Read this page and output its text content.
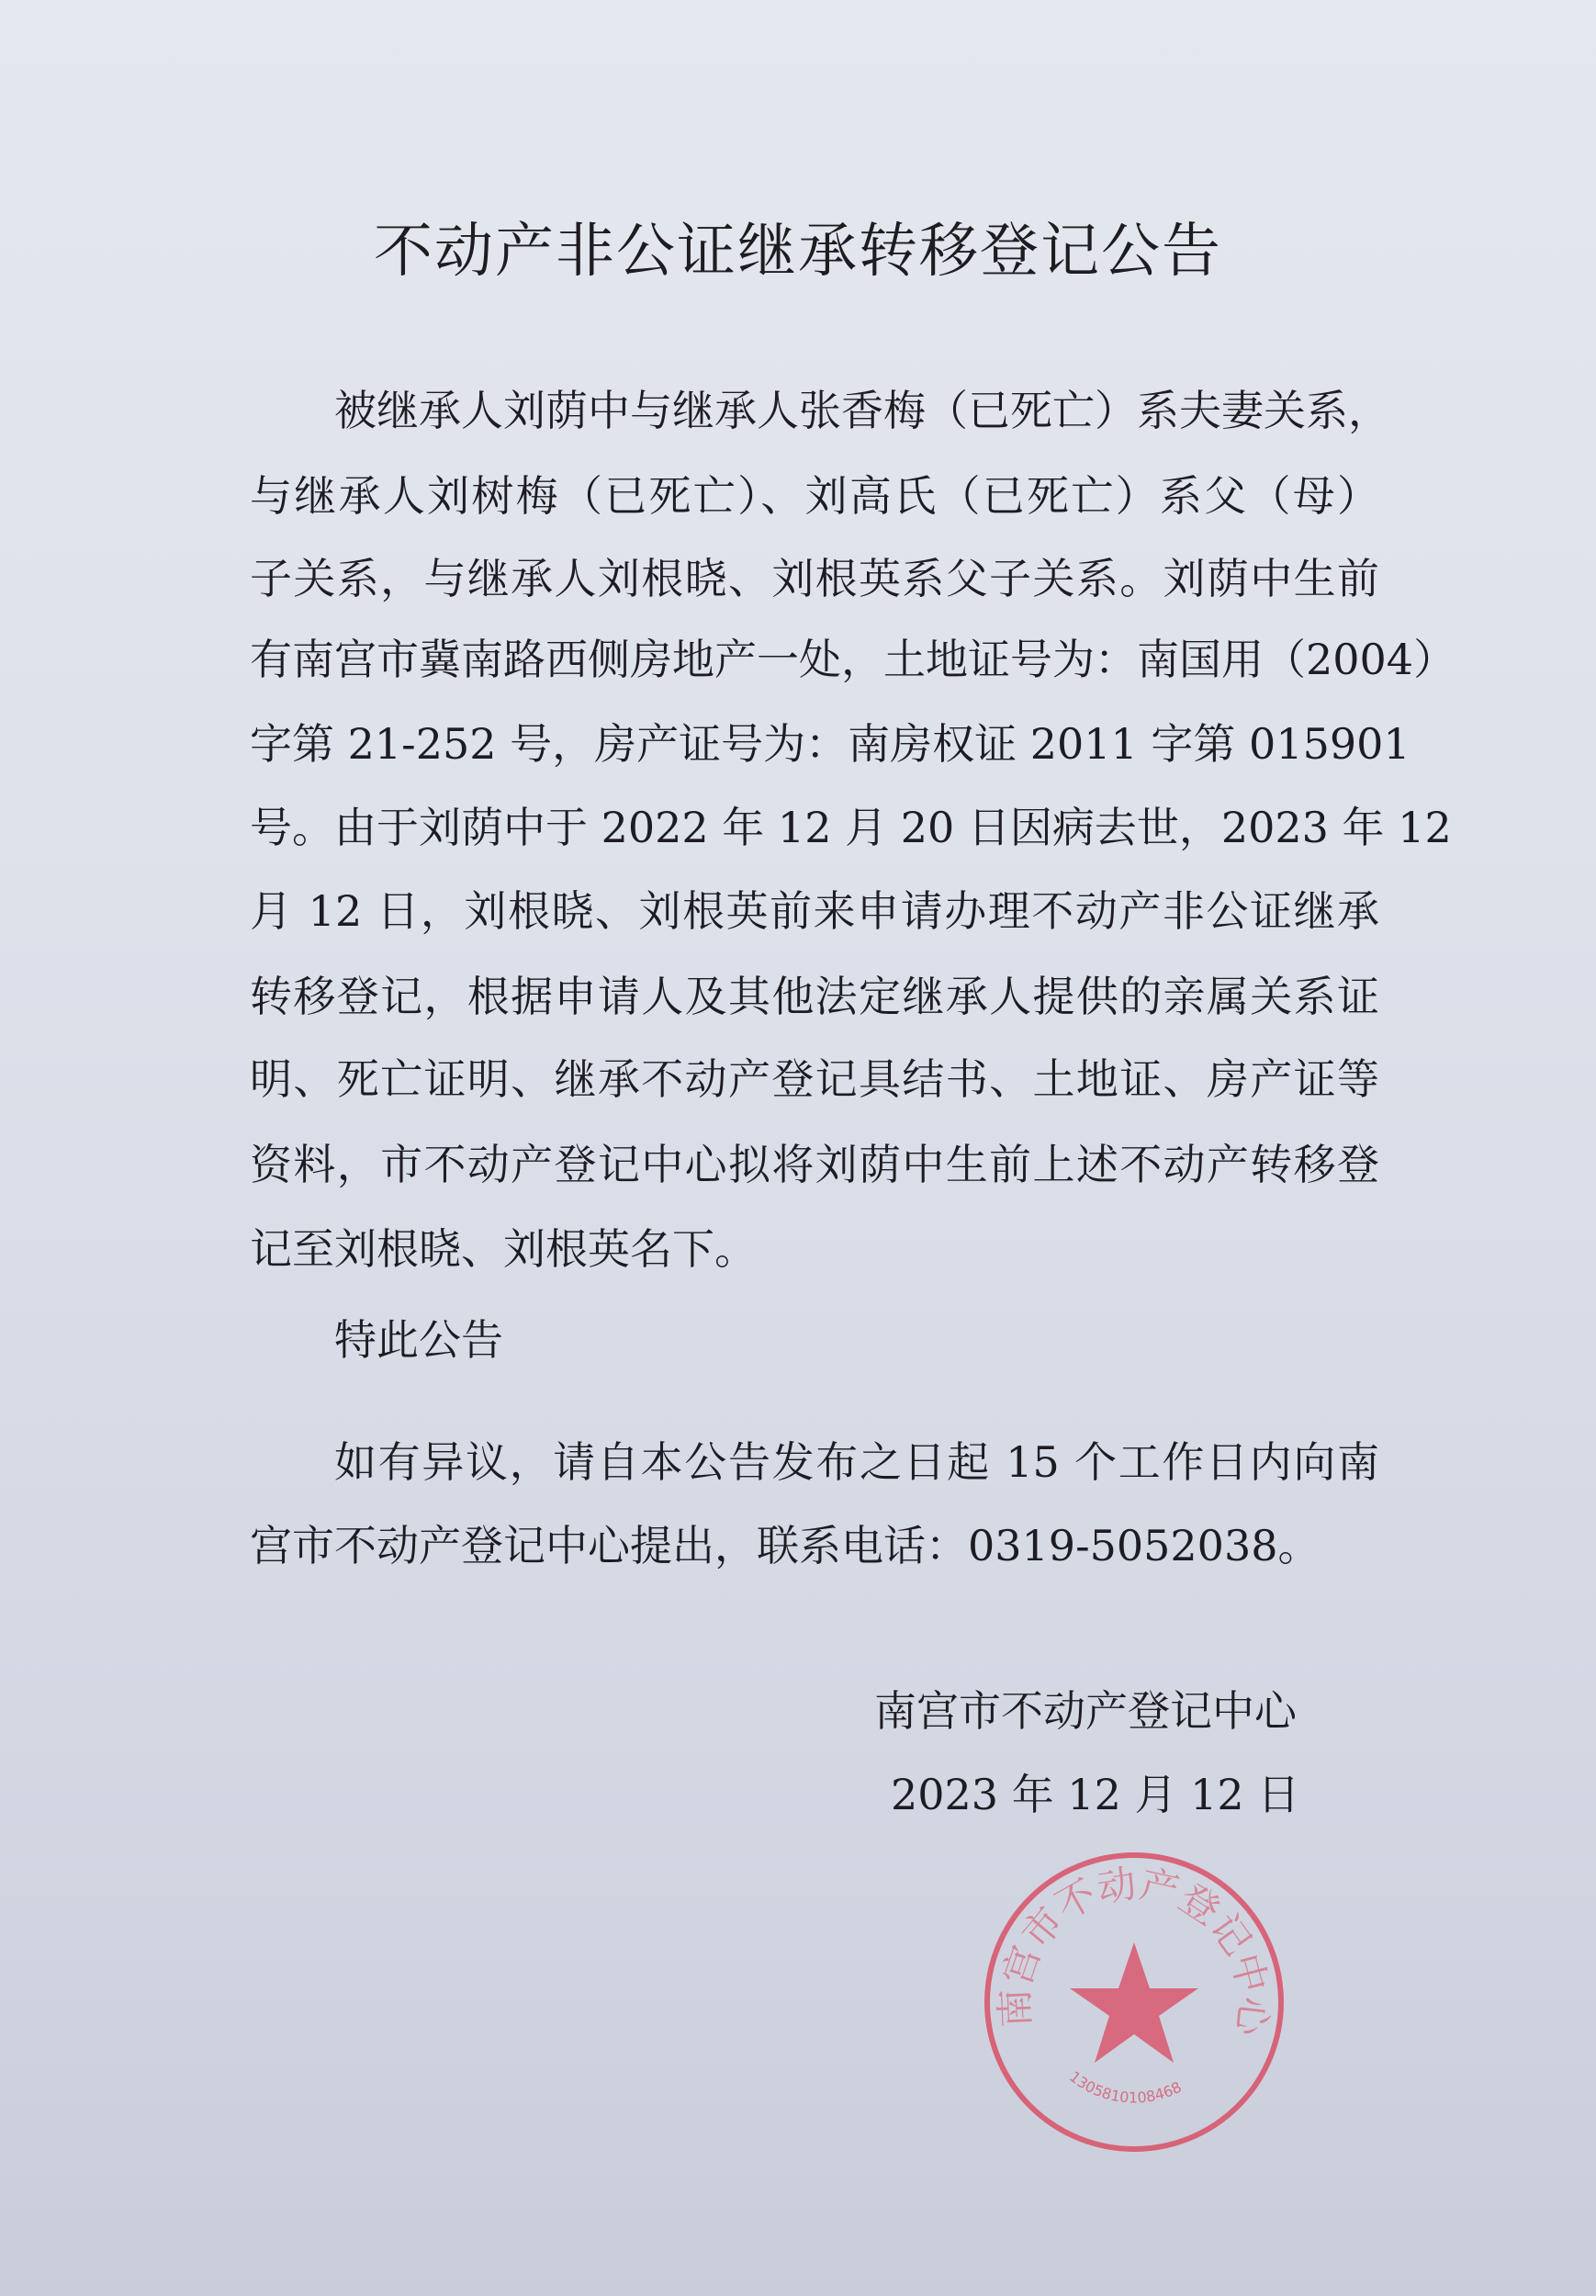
不动产非公证继承转移登记公告
被继承人刘荫中与继承人张香梅（已死亡）系夫妻关系，
与继承人刘树梅（已死亡）、刘高氏（已死亡）系父（母）
子关系，与继承人刘根晓、刘根英系父子关系。刘荫中生前
有南宫市冀南路西侧房地产一处，土地证号为：南国用（2004）
字第 21-252 号，房产证号为：南房权证 2011 字第 015901
号。由于刘荫中于 2022 年 12 月 20 日因病去世，2023 年 12
月 12 日，刘根晓、刘根英前来申请办理不动产非公证继承
转移登记，根据申请人及其他法定继承人提供的亲属关系证
明、死亡证明、继承不动产登记具结书、土地证、房产证等
资料，市不动产登记中心拟将刘荫中生前上述不动产转移登
记至刘根晓、刘根英名下。
特此公告
如有异议，请自本公告发布之日起 15 个工作日内向南
宫市不动产登记中心提出，联系电话：0319-5052038。
南宫市不动产登记中心
2023 年 12 月 12 日
南宫市不动产登记中心
1305810108468
